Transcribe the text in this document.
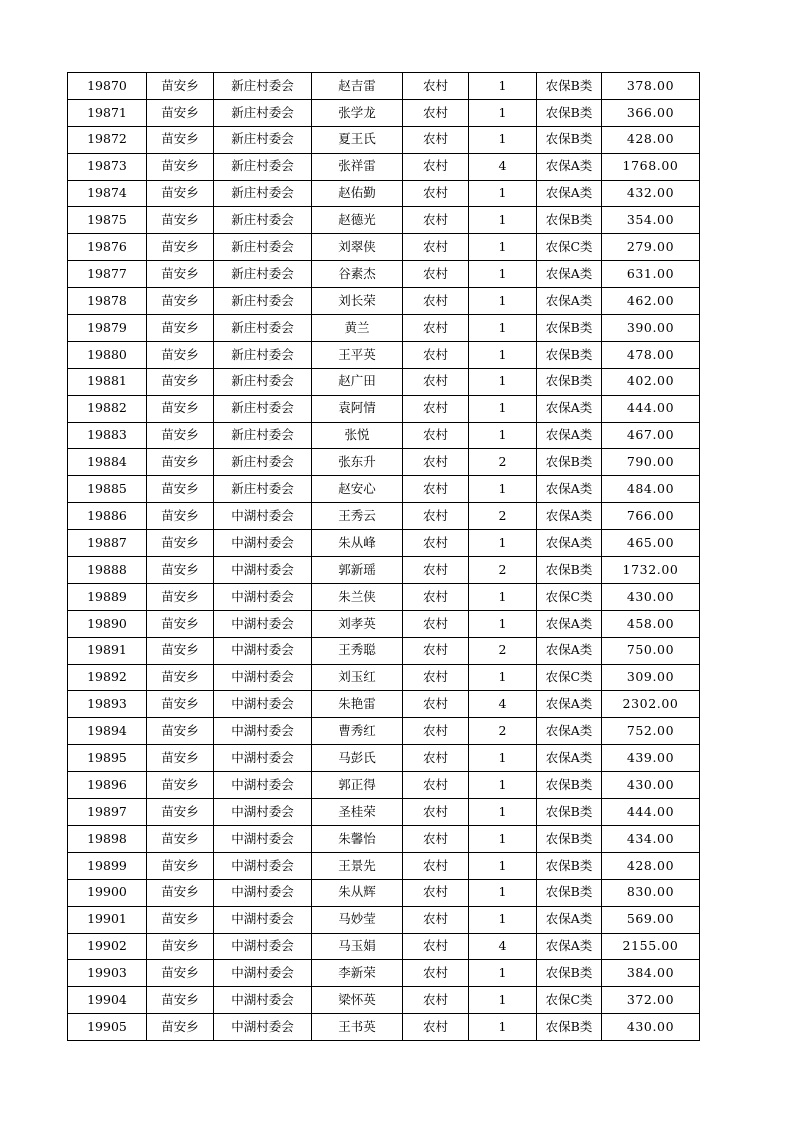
19870	苗安乡	新庄村委会	赵吉雷	农村	1	农保B类	378.00
19871	苗安乡	新庄村委会	张学龙	农村	1	农保B类	366.00
19872	苗安乡	新庄村委会	夏王氏	农村	1	农保B类	428.00
19873	苗安乡	新庄村委会	张祥雷	农村	4	农保A类	1768.00
19874	苗安乡	新庄村委会	赵佑勤	农村	1	农保A类	432.00
19875	苗安乡	新庄村委会	赵德光	农村	1	农保B类	354.00
19876	苗安乡	新庄村委会	刘翠侠	农村	1	农保C类	279.00
19877	苗安乡	新庄村委会	谷素杰	农村	1	农保A类	631.00
19878	苗安乡	新庄村委会	刘长荣	农村	1	农保A类	462.00
19879	苗安乡	新庄村委会	黄兰	农村	1	农保B类	390.00
19880	苗安乡	新庄村委会	王平英	农村	1	农保B类	478.00
19881	苗安乡	新庄村委会	赵广田	农村	1	农保B类	402.00
19882	苗安乡	新庄村委会	袁阿情	农村	1	农保A类	444.00
19883	苗安乡	新庄村委会	张悦	农村	1	农保A类	467.00
19884	苗安乡	新庄村委会	张东升	农村	2	农保B类	790.00
19885	苗安乡	新庄村委会	赵安心	农村	1	农保A类	484.00
19886	苗安乡	中湖村委会	王秀云	农村	2	农保A类	766.00
19887	苗安乡	中湖村委会	朱从峰	农村	1	农保A类	465.00
19888	苗安乡	中湖村委会	郭新瑶	农村	2	农保B类	1732.00
19889	苗安乡	中湖村委会	朱兰侠	农村	1	农保C类	430.00
19890	苗安乡	中湖村委会	刘孝英	农村	1	农保A类	458.00
19891	苗安乡	中湖村委会	王秀聪	农村	2	农保A类	750.00
19892	苗安乡	中湖村委会	刘玉红	农村	1	农保C类	309.00
19893	苗安乡	中湖村委会	朱艳雷	农村	4	农保A类	2302.00
19894	苗安乡	中湖村委会	曹秀红	农村	2	农保A类	752.00
19895	苗安乡	中湖村委会	马彭氏	农村	1	农保A类	439.00
19896	苗安乡	中湖村委会	郭正得	农村	1	农保B类	430.00
19897	苗安乡	中湖村委会	圣桂荣	农村	1	农保B类	444.00
19898	苗安乡	中湖村委会	朱馨怡	农村	1	农保B类	434.00
19899	苗安乡	中湖村委会	王景先	农村	1	农保B类	428.00
19900	苗安乡	中湖村委会	朱从辉	农村	1	农保B类	830.00
19901	苗安乡	中湖村委会	马妙莹	农村	1	农保A类	569.00
19902	苗安乡	中湖村委会	马玉娟	农村	4	农保A类	2155.00
19903	苗安乡	中湖村委会	李新荣	农村	1	农保B类	384.00
19904	苗安乡	中湖村委会	梁怀英	农村	1	农保C类	372.00
19905	苗安乡	中湖村委会	王书英	农村	1	农保B类	430.00
